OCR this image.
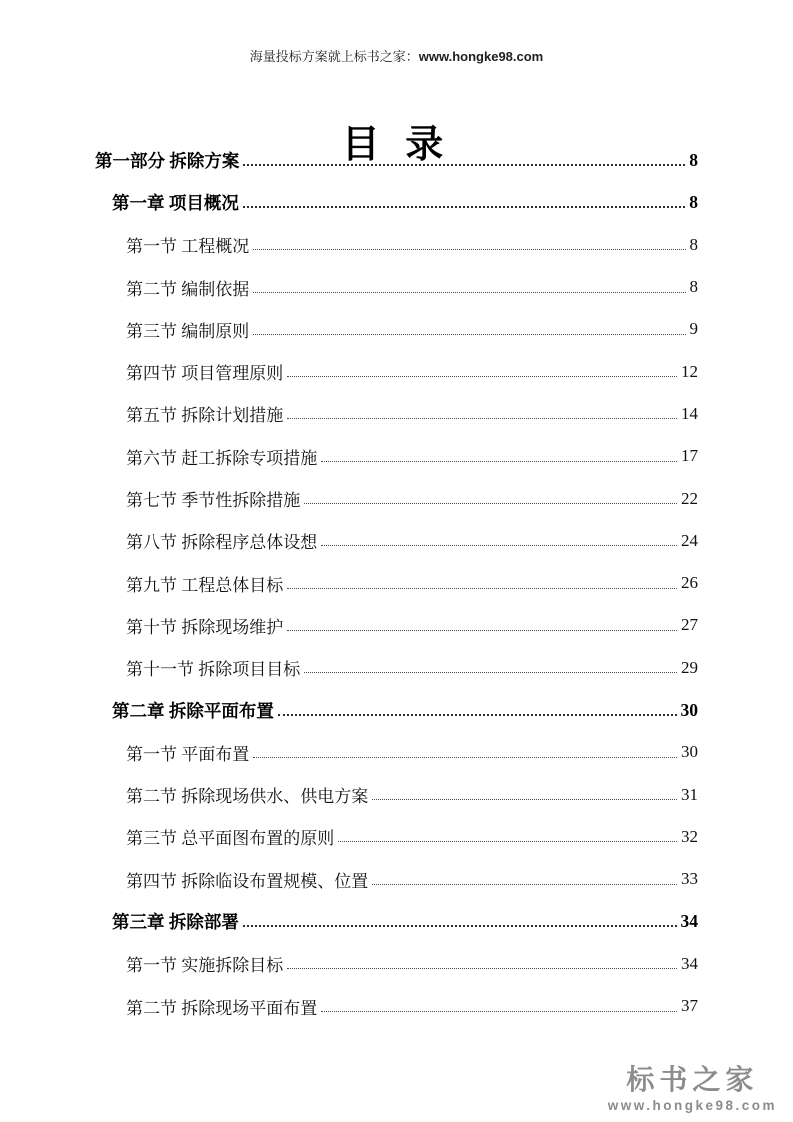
海量投标方案就上标书之家：www.hongke98.com
目 录
第一部分 拆除方案	8
第一章 项目概况	8
第一节 工程概况	8
第二节 编制依据	8
第三节 编制原则	9
第四节 项目管理原则	12
第五节 拆除计划措施	14
第六节 赶工拆除专项措施	17
第七节 季节性拆除措施	22
第八节 拆除程序总体设想	24
第九节 工程总体目标	26
第十节 拆除现场维护	27
第十一节 拆除项目目标	29
第二章 拆除平面布置	30
第一节 平面布置	30
第二节 拆除现场供水、供电方案	31
第三节 总平面图布置的原则	32
第四节 拆除临设布置规模、位置	33
第三章 拆除部署	34
第一节 实施拆除目标	34
第二节 拆除现场平面布置	37
标书之家
www.hongke98.com
